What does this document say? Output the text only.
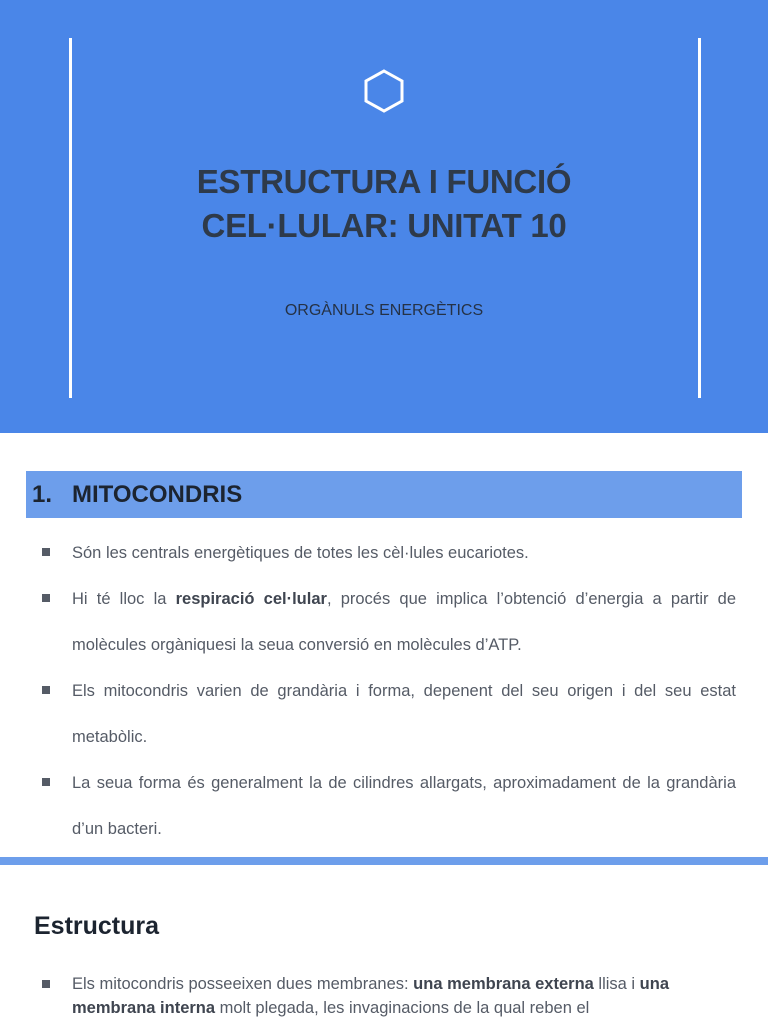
ESTRUCTURA I FUNCIÓ
CEL·LULAR: UNITAT 10
ORGÀNULS ENERGÈTICS
1. MITOCONDRIS
Són les centrals energètiques de totes les cèl·lules eucariotes.
Hi té lloc la respiració cel·lular, procés que implica l’obtenció d’energia a partir de molècules orgàniquesi la seua conversió en molècules d’ATP.
Els mitocondris varien de grandària i forma, depenent del seu origen i del seu estat metabòlic.
La seua forma és generalment la de cilindres allargats, aproximadament de la grandària d’un bacteri.
Estructura
Els mitocondris posseeixen dues membranes: una membrana externa llisa i una membrana interna molt plegada, les invaginacions de la qual reben el
